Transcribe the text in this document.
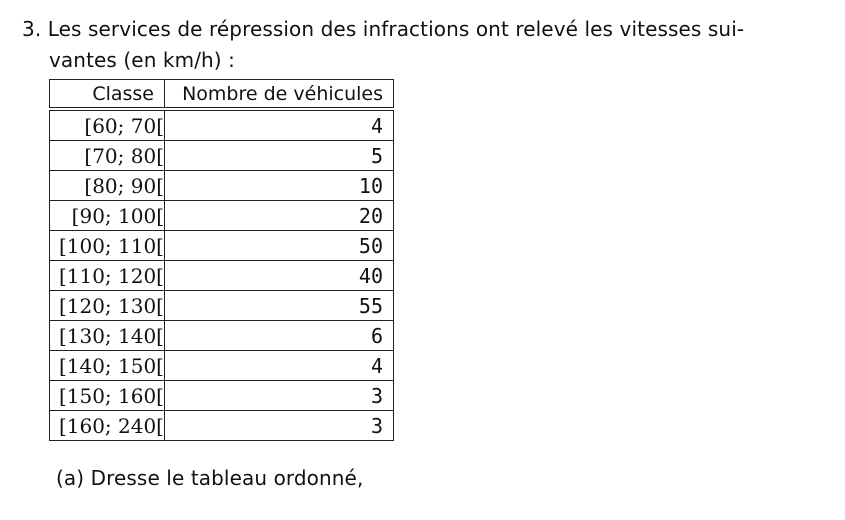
3. Les services de répression des infractions ont relevé les vitesses sui-
vantes (en km/h) :
Classe	Nombre de véhicules
[60; 70[	4
[70; 80[	5
[80; 90[	10
[90; 100[	20
[100; 110[	50
[110; 120[	40
[120; 130[	55
[130; 140[	6
[140; 150[	4
[150; 160[	3
[160; 240[	3
(a) Dresse le tableau ordonné,
